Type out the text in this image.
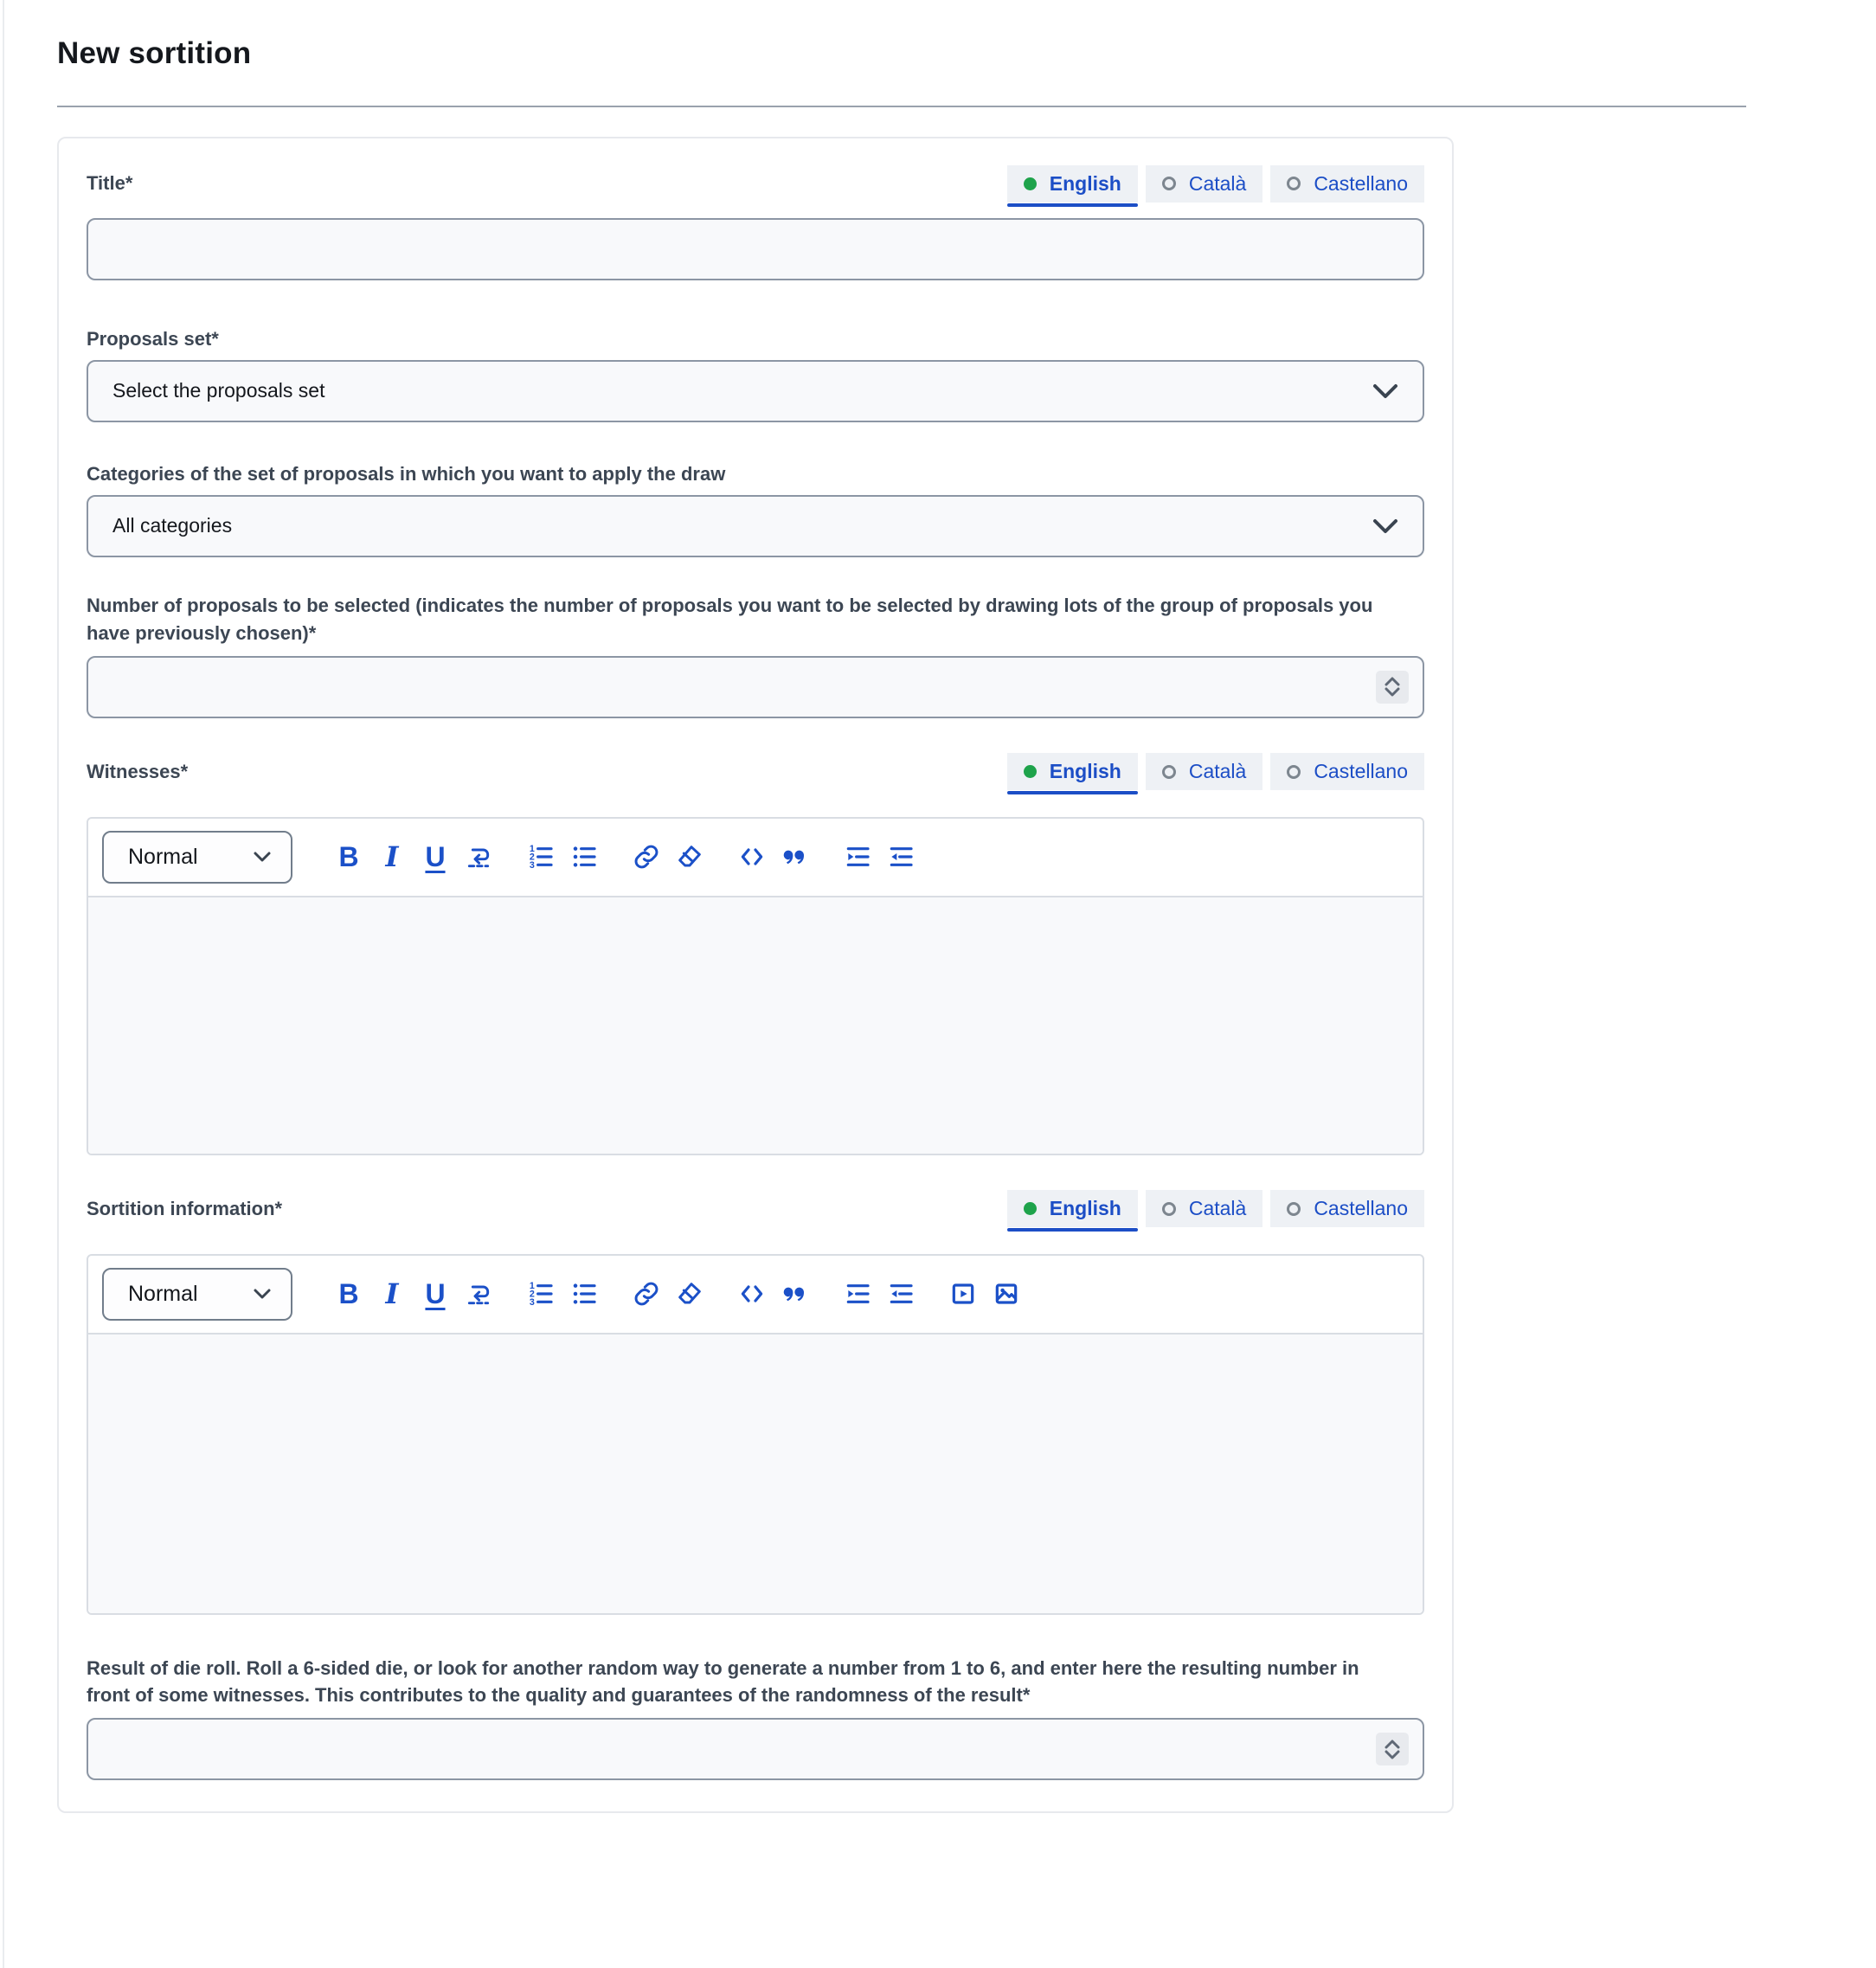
New sortition
Title*	English	Català	Castellano
Proposals set*
Select the proposals set
Categories of the set of proposals in which you want to apply the draw
All categories
Number of proposals to be selected (indicates the number of proposals you want to be selected by drawing lots of the group of proposals you have previously chosen)*
Witnesses*	English	Català	Castellano
Normal	B I U	1
2
3
Sortition information*	English	Català	Castellano
Normal	B I U	1
2
3
Result of die roll. Roll a 6-sided die, or look for another random way to generate a number from 1 to 6, and enter here the resulting number in front of some witnesses. This contributes to the quality and guarantees of the randomness of the result*
